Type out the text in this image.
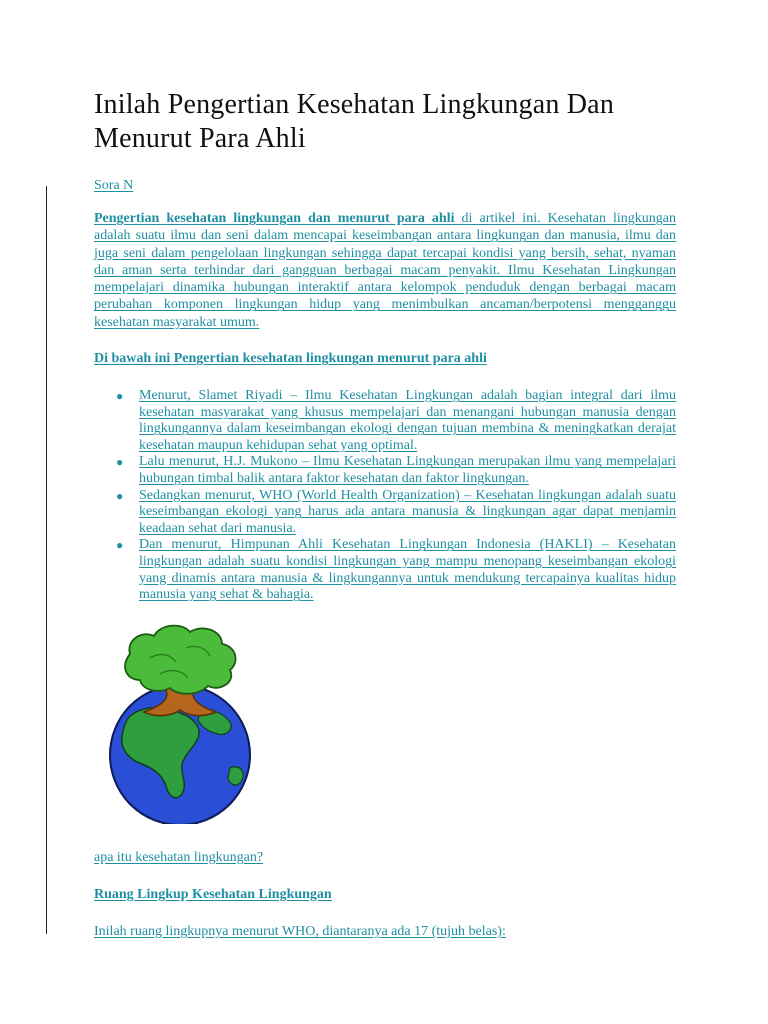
Inilah Pengertian Kesehatan Lingkungan Dan Menurut Para Ahli
Sora N

Pengertian kesehatan lingkungan dan menurut para ahli di artikel ini. Kesehatan lingkungan adalah suatu ilmu dan seni dalam mencapai keseimbangan antara lingkungan dan manusia, ilmu dan juga seni dalam pengelolaan lingkungan sehingga dapat tercapai kondisi yang bersih, sehat, nyaman dan aman serta terhindar dari gangguan berbagai macam penyakit. Ilmu Kesehatan Lingkungan mempelajari dinamika hubungan interaktif antara kelompok penduduk dengan berbagai macam perubahan komponen lingkungan hidup yang menimbulkan ancaman/berpotensi mengganggu kesehatan masyarakat umum.

Di bawah ini Pengertian kesehatan lingkungan menurut para ahli
● Menurut, Slamet Riyadi – Ilmu Kesehatan Lingkungan adalah bagian integral dari ilmu kesehatan masyarakat yang khusus mempelajari dan menangani hubungan manusia dengan lingkungannya dalam keseimbangan ekologi dengan tujuan membina & meningkatkan derajat kesehatan maupun kehidupan sehat yang optimal.
● Lalu menurut, H.J. Mukono – Ilmu Kesehatan Lingkungan merupakan ilmu yang mempelajari hubungan timbal balik antara faktor kesehatan dan faktor lingkungan.
● Sedangkan menurut, WHO (World Health Organization) – Kesehatan lingkungan adalah suatu keseimbangan ekologi yang harus ada antara manusia & lingkungan agar dapat menjamin keadaan sehat dari manusia.
● Dan menurut, Himpunan Ahli Kesehatan Lingkungan Indonesia (HAKLI) – Kesehatan lingkungan adalah suatu kondisi lingkungan yang mampu menopang keseimbangan ekologi yang dinamis antara manusia & lingkungannya untuk mendukung tercapainya kualitas hidup manusia yang sehat & bahagia.
apa itu kesehatan lingkungan?
Ruang Lingkup Kesehatan Lingkungan
Inilah ruang lingkupnya menurut WHO, diantaranya ada 17 (tujuh belas):
